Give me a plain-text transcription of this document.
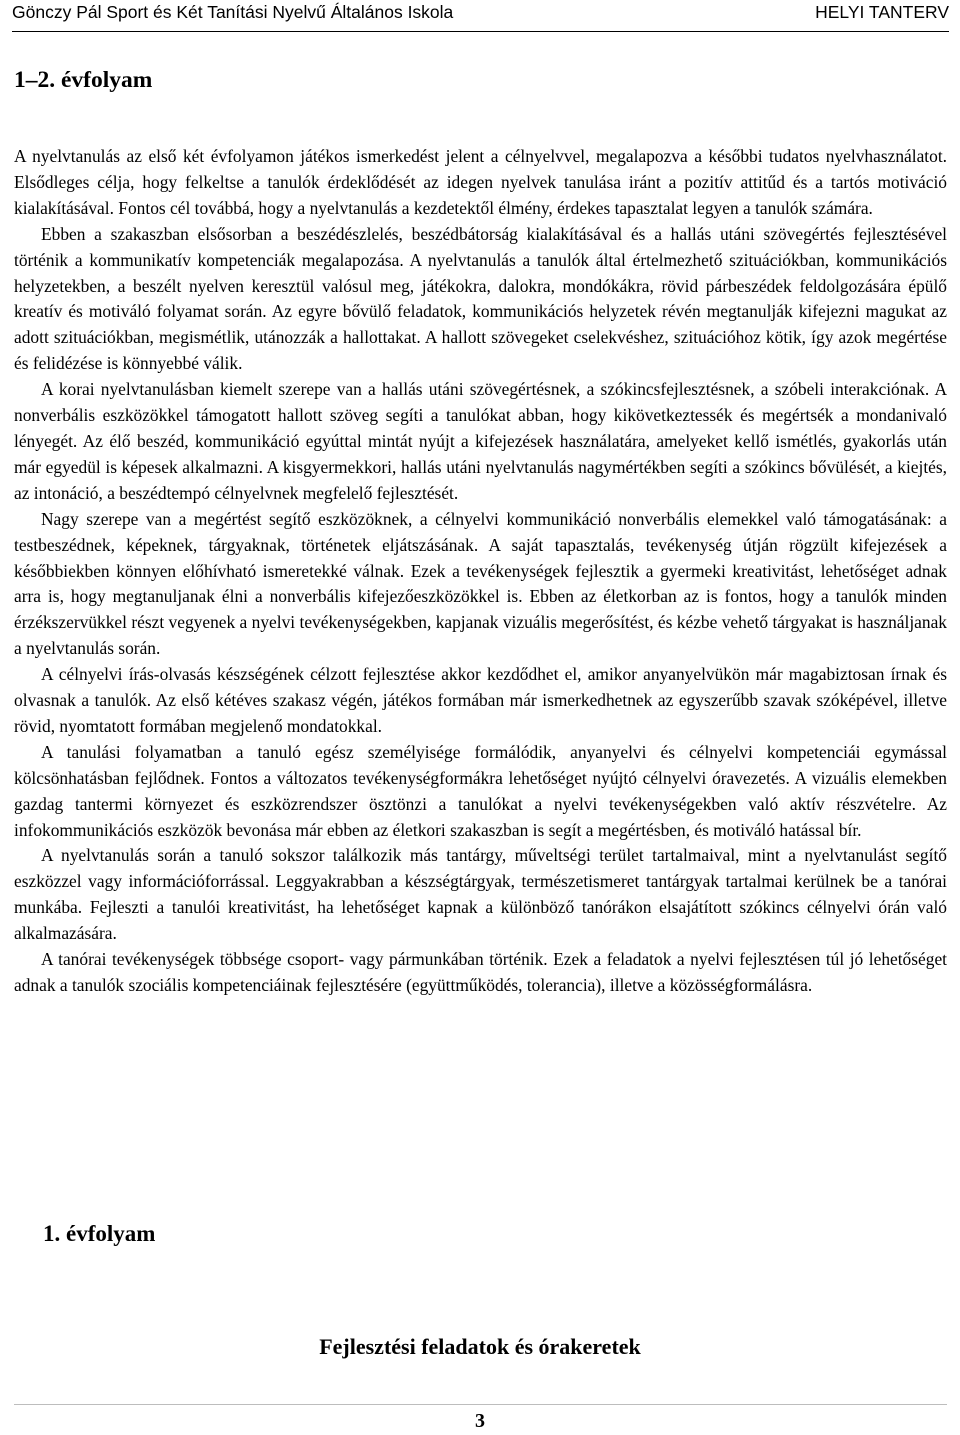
Gönczy Pál Sport és Két Tanítási Nyelvű Általános Iskola	HELYI TANTERV
1–2. évfolyam

A nyelvtanulás az első két évfolyamon játékos ismerkedést jelent a célnyelvvel, megalapozva a későbbi tudatos nyelvhasználatot. Elsődleges célja, hogy felkeltse a tanulók érdeklődését az idegen nyelvek tanulása iránt a pozitív attitűd és a tartós motiváció kialakításával. Fontos cél továbbá, hogy a nyelvtanulás a kezdetektől élmény, érdekes tapasztalat legyen a tanulók számára.

Ebben a szakaszban elsősorban a beszédészlelés, beszédbátorság kialakításával és a hallás utáni szövegértés fejlesztésével történik a kommunikatív kompetenciák megalapozása. A nyelvtanulás a tanulók által értelmezhető szituációkban, kommunikációs helyzetekben, a beszélt nyelven keresztül valósul meg, játékokra, dalokra, mondókákra, rövid párbeszédek feldolgozására épülő kreatív és motiváló folyamat során. Az egyre bővülő feladatok, kommunikációs helyzetek révén megtanulják kifejezni magukat az adott szituációkban, megismétlik, utánozzák a hallottakat. A hallott szövegeket cselekvéshez, szituációhoz kötik, így azok megértése és felidézése is könnyebbé válik.

A korai nyelvtanulásban kiemelt szerepe van a hallás utáni szövegértésnek, a szókincsfejlesztésnek, a szóbeli interakciónak. A nonverbális eszközökkel támogatott hallott szöveg segíti a tanulókat abban, hogy kikövetkeztessék és megértsék a mondanivaló lényegét. Az élő beszéd, kommunikáció egyúttal mintát nyújt a kifejezések használatára, amelyeket kellő ismétlés, gyakorlás után már egyedül is képesek alkalmazni. A kisgyermekkori, hallás utáni nyelvtanulás nagymértékben segíti a szókincs bővülését, a kiejtés, az intonáció, a beszédtempó célnyelvnek megfelelő fejlesztését.

Nagy szerepe van a megértést segítő eszközöknek, a célnyelvi kommunikáció nonverbális elemekkel való támogatásának: a testbeszédnek, képeknek, tárgyaknak, történetek eljátszásának. A saját tapasztalás, tevékenység útján rögzült kifejezések a későbbiekben könnyen előhívható ismeretekké válnak. Ezek a tevékenységek fejlesztik a gyermeki kreativitást, lehetőséget adnak arra is, hogy megtanuljanak élni a nonverbális kifejezőeszközökkel is. Ebben az életkorban az is fontos, hogy a tanulók minden érzékszervükkel részt vegyenek a nyelvi tevékenységekben, kapjanak vizuális megerősítést, és kézbe vehető tárgyakat is használjanak a nyelvtanulás során.

A célnyelvi írás-olvasás készségének célzott fejlesztése akkor kezdődhet el, amikor anyanyelvükön már magabiztosan írnak és olvasnak a tanulók. Az első kétéves szakasz végén, játékos formában már ismerkedhetnek az egyszerűbb szavak szóképével, illetve rövid, nyomtatott formában megjelenő mondatokkal.

A tanulási folyamatban a tanuló egész személyisége formálódik, anyanyelvi és célnyelvi kompetenciái egymással kölcsönhatásban fejlődnek. Fontos a változatos tevékenységformákra lehetőséget nyújtó célnyelvi óravezetés. A vizuális elemekben gazdag tantermi környezet és eszközrendszer ösztönzi a tanulókat a nyelvi tevékenységekben való aktív részvételre. Az infokommunikációs eszközök bevonása már ebben az életkori szakaszban is segít a megértésben, és motiváló hatással bír.

A nyelvtanulás során a tanuló sokszor találkozik más tantárgy, műveltségi terület tartalmaival, mint a nyelvtanulást segítő eszközzel vagy információforrással. Leggyakrabban a készségtárgyak, természetismeret tantárgyak tartalmai kerülnek be a tanórai munkába. Fejleszti a tanulói kreativitást, ha lehetőséget kapnak a különböző tanórákon elsajátított szókincs célnyelvi órán való alkalmazására.

A tanórai tevékenységek többsége csoport- vagy pármunkában történik. Ezek a feladatok a nyelvi fejlesztésen túl jó lehetőséget adnak a tanulók szociális kompetenciáinak fejlesztésére (együttműködés, tolerancia), illetve a közösségformálásra.

1. évfolyam
Fejlesztési feladatok és órakeretek
3
